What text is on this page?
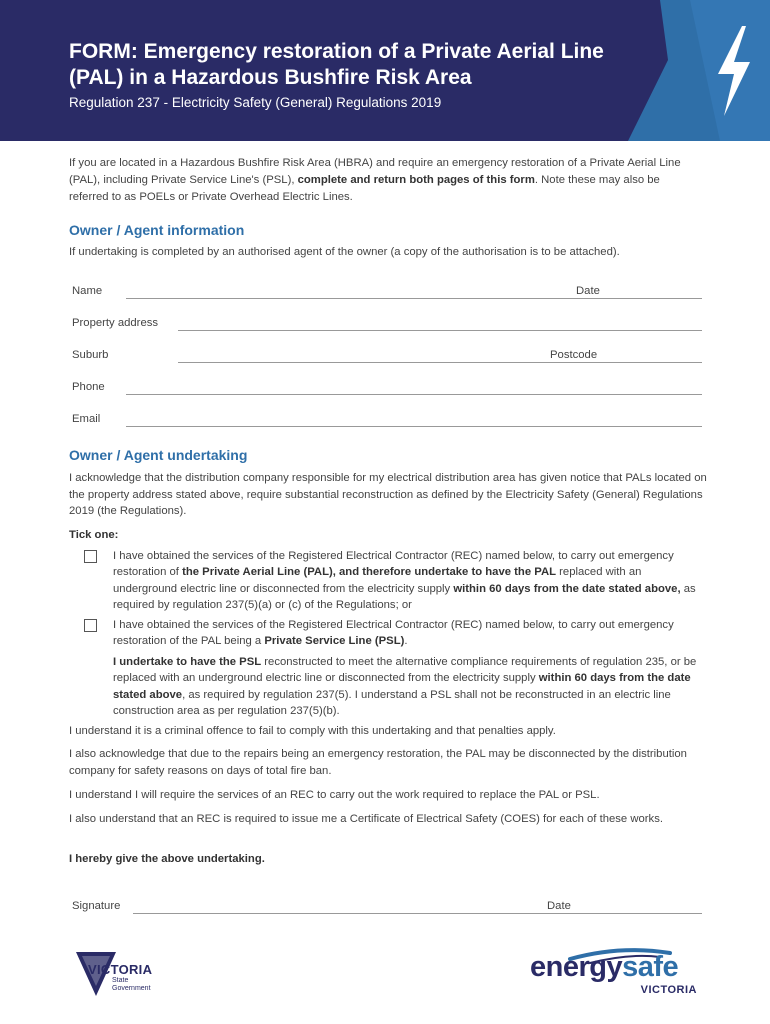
FORM: Emergency restoration of a Private Aerial Line (PAL) in a Hazardous Bushfire Risk Area
Regulation 237 - Electricity Safety (General) Regulations 2019
If you are located in a Hazardous Bushfire Risk Area (HBRA) and require an emergency restoration of a Private Aerial Line (PAL), including Private Service Line's (PSL), complete and return both pages of this form. Note these may also be referred to as POELs or Private Overhead Electric Lines.
Owner / Agent information
If undertaking is completed by an authorised agent of the owner (a copy of the authorisation is to be attached).
Name	Date
Property address
Suburb	Postcode
Phone
Email
Owner / Agent undertaking
I acknowledge that the distribution company responsible for my electrical distribution area has given notice that PALs located on the property address stated above, require substantial reconstruction as defined by the Electricity Safety (General) Regulations 2019 (the Regulations).
Tick one:
I have obtained the services of the Registered Electrical Contractor (REC) named below, to carry out emergency restoration of the Private Aerial Line (PAL), and therefore undertake to have the PAL replaced with an underground electric line or disconnected from the electricity supply within 60 days from the date stated above, as required by regulation 237(5)(a) or (c) of the Regulations; or
I have obtained the services of the Registered Electrical Contractor (REC) named below, to carry out emergency restoration of the PAL being a Private Service Line (PSL).
I undertake to have the PSL reconstructed to meet the alternative compliance requirements of regulation 235, or be replaced with an underground electric line or disconnected from the electricity supply within 60 days from the date stated above, as required by regulation 237(5). I understand a PSL shall not be reconstructed in an electric line construction area as per regulation 237(5)(b).
I understand it is a criminal offence to fail to comply with this undertaking and that penalties apply.
I also acknowledge that due to the repairs being an emergency restoration, the PAL may be disconnected by the distribution company for safety reasons on days of total fire ban.
I understand I will require the services of an REC to carry out the work required to replace the PAL or PSL.
I also understand that an REC is required to issue me a Certificate of Electrical Safety (COES) for each of these works.
I hereby give the above undertaking.
Signature	Date
VICTORIA
State
Government
energysafe
VICTORIA
